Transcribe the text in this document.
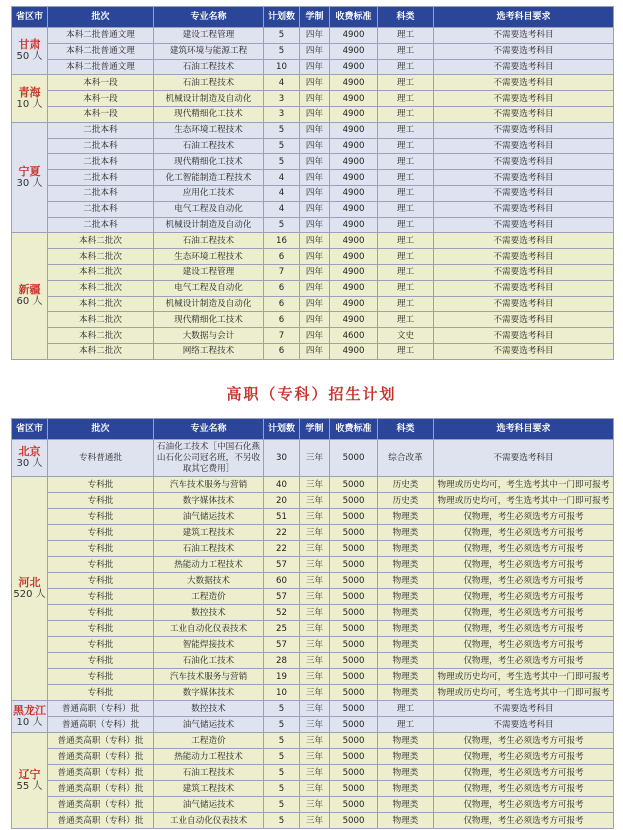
省区市	批次	专业名称	计划数	学制	收费标准	科类	选考科目要求

甘肃
50 人	本科二批普通文理	建设工程管理	5	四年	4900	理工	不需要选考科目
	本科二批普通文理	建筑环境与能源工程	5	四年	4900	理工	不需要选考科目
	本科二批普通文理	石油工程技术	10	四年	4900	理工	不需要选考科目

青海
10 人	本科一段	石油工程技术	4	四年	4900	理工	不需要选考科目
	本科一段	机械设计制造及自动化	3	四年	4900	理工	不需要选考科目
	本科一段	现代精细化工技术	3	四年	4900	理工	不需要选考科目

宁夏
30 人	二批本科	生态环境工程技术	5	四年	4900	理工	不需要选考科目
	二批本科	石油工程技术	5	四年	4900	理工	不需要选考科目
	二批本科	现代精细化工技术	5	四年	4900	理工	不需要选考科目
	二批本科	化工智能制造工程技术	4	四年	4900	理工	不需要选考科目
	二批本科	应用化工技术	4	四年	4900	理工	不需要选考科目
	二批本科	电气工程及自动化	4	四年	4900	理工	不需要选考科目
	二批本科	机械设计制造及自动化	5	四年	4900	理工	不需要选考科目

新疆
60 人	本科二批次	石油工程技术	16	四年	4900	理工	不需要选考科目
	本科二批次	生态环境工程技术	6	四年	4900	理工	不需要选考科目
	本科二批次	建设工程管理	7	四年	4900	理工	不需要选考科目
	本科二批次	电气工程及自动化	6	四年	4900	理工	不需要选考科目
	本科二批次	机械设计制造及自动化	6	四年	4900	理工	不需要选考科目
	本科二批次	现代精细化工技术	6	四年	4900	理工	不需要选考科目
	本科二批次	大数据与会计	7	四年	4600	文史	不需要选考科目
	本科二批次	网络工程技术	6	四年	4900	理工	不需要选考科目
高职（专科）招生计划
省区市	批次	专业名称	计划数	学制	收费标准	科类	选考科目要求

北京
30 人	专科普通批	石油化工技术［中国石化燕山石化公司冠名班，不另收取其它费用］	30	三年	5000	综合改革	不需要选考科目

河北
520 人	专科批	汽车技术服务与营销	40	三年	5000	历史类	物理或历史均可，考生选考其中一门即可报考
	专科批	数字媒体技术	20	三年	5000	历史类	物理或历史均可，考生选考其中一门即可报考
	专科批	油气储运技术	51	三年	5000	物理类	仅物理，考生必须选考方可报考
	专科批	建筑工程技术	22	三年	5000	物理类	仅物理，考生必须选考方可报考
	专科批	石油工程技术	22	三年	5000	物理类	仅物理，考生必须选考方可报考
	专科批	热能动力工程技术	57	三年	5000	物理类	仅物理，考生必须选考方可报考
	专科批	大数据技术	60	三年	5000	物理类	仅物理，考生必须选考方可报考
	专科批	工程造价	57	三年	5000	物理类	仅物理，考生必须选考方可报考
	专科批	数控技术	52	三年	5000	物理类	仅物理，考生必须选考方可报考
	专科批	工业自动化仪表技术	25	三年	5000	物理类	仅物理，考生必须选考方可报考
	专科批	智能焊接技术	57	三年	5000	物理类	仅物理，考生必须选考方可报考
	专科批	石油化工技术	28	三年	5000	物理类	仅物理，考生必须选考方可报考
	专科批	汽车技术服务与营销	19	三年	5000	物理类	物理或历史均可，考生选考其中一门即可报考
	专科批	数字媒体技术	10	三年	5000	物理类	物理或历史均可，考生选考其中一门即可报考

黑龙江
10 人	普通高职（专科）批	数控技术	5	三年	5000	理工	不需要选考科目
	普通高职（专科）批	油气储运技术	5	三年	5000	理工	不需要选考科目

辽宁
55 人	普通类高职（专科）批	工程造价	5	三年	5000	物理类	仅物理，考生必须选考方可报考
	普通类高职（专科）批	热能动力工程技术	5	三年	5000	物理类	仅物理，考生必须选考方可报考
	普通类高职（专科）批	石油工程技术	5	三年	5000	物理类	仅物理，考生必须选考方可报考
	普通类高职（专科）批	建筑工程技术	5	三年	5000	物理类	仅物理，考生必须选考方可报考
	普通类高职（专科）批	油气储运技术	5	三年	5000	物理类	仅物理，考生必须选考方可报考
	普通类高职（专科）批	工业自动化仪表技术	5	三年	5000	物理类	仅物理，考生必须选考方可报考
